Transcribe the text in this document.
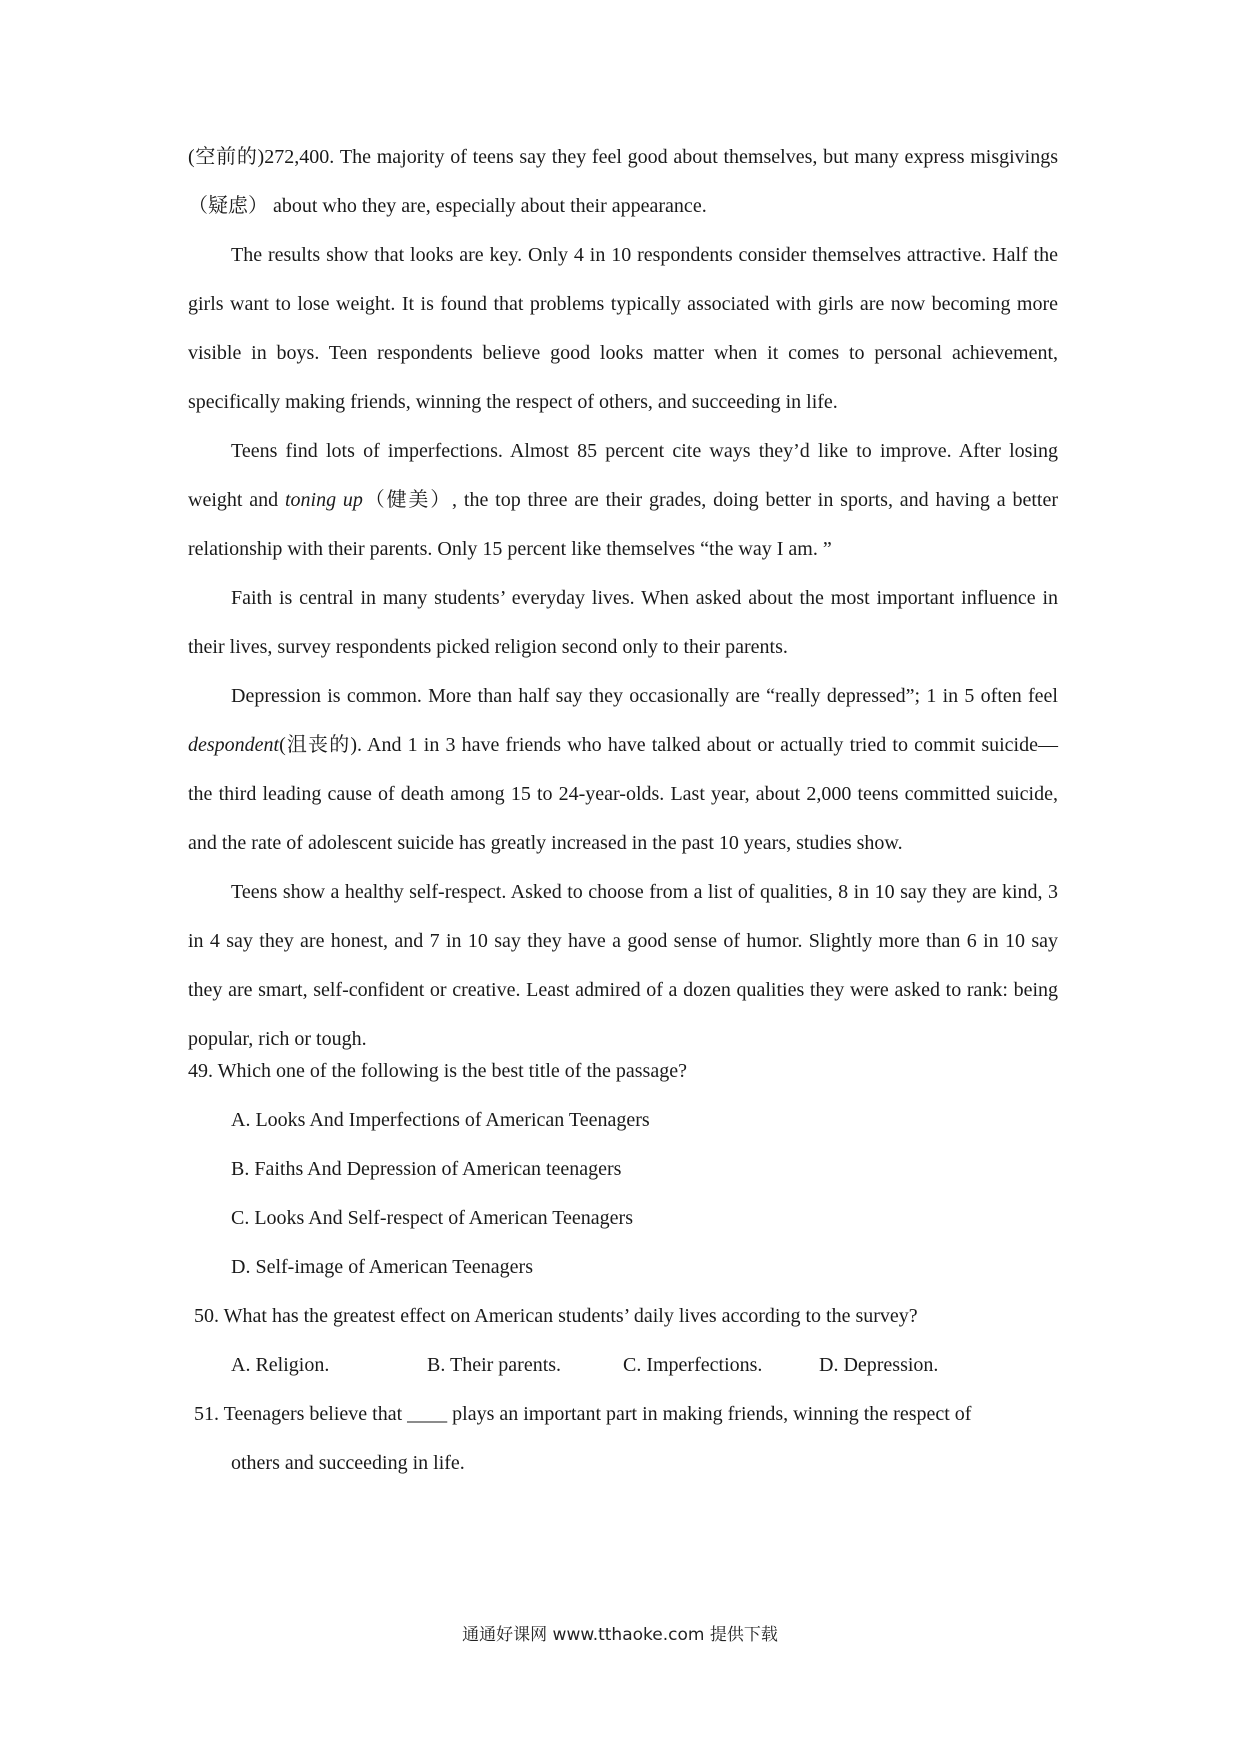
(空前的)272,400. The majority of teens say they feel good about themselves, but many express misgivings（疑虑） about who they are, especially about their appearance.

The results show that looks are key. Only 4 in 10 respondents consider themselves attractive. Half the girls want to lose weight. It is found that problems typically associated with girls are now becoming more visible in boys. Teen respondents believe good looks matter when it comes to personal achievement, specifically making friends, winning the respect of others, and succeeding in life.

Teens find lots of imperfections. Almost 85 percent cite ways they’d like to improve. After losing weight and toning up（健美）, the top three are their grades, doing better in sports, and having a better relationship with their parents. Only 15 percent like themselves “the way I am. ”

Faith is central in many students’ everyday lives. When asked about the most important influence in their lives, survey respondents picked religion second only to their parents.

Depression is common. More than half say they occasionally are “really depressed”; 1 in 5 often feel despondent(沮丧的). And 1 in 3 have friends who have talked about or actually tried to commit suicide—the third leading cause of death among 15 to 24-year-olds. Last year, about 2,000 teens committed suicide, and the rate of adolescent suicide has greatly increased in the past 10 years, studies show.

Teens show a healthy self-respect. Asked to choose from a list of qualities, 8 in 10 say they are kind, 3 in 4 say they are honest, and 7 in 10 say they have a good sense of humor. Slightly more than 6 in 10 say they are smart, self-confident or creative. Least admired of a dozen qualities they were asked to rank: being popular, rich or tough.

49. Which one of the following is the best title of the passage?

A. Looks And Imperfections of American Teenagers

B. Faiths And Depression of American teenagers

C. Looks And Self-respect of American Teenagers

D. Self-image of American Teenagers

50. What has the greatest effect on American students’ daily lives according to the survey?

A. Religion.	B. Their parents.	C. Imperfections.	D. Depression.

51. Teenagers believe that ____ plays an important part in making friends, winning the respect of

others and succeeding in life.

通通好课网 www.tthaoke.com 提供下载
